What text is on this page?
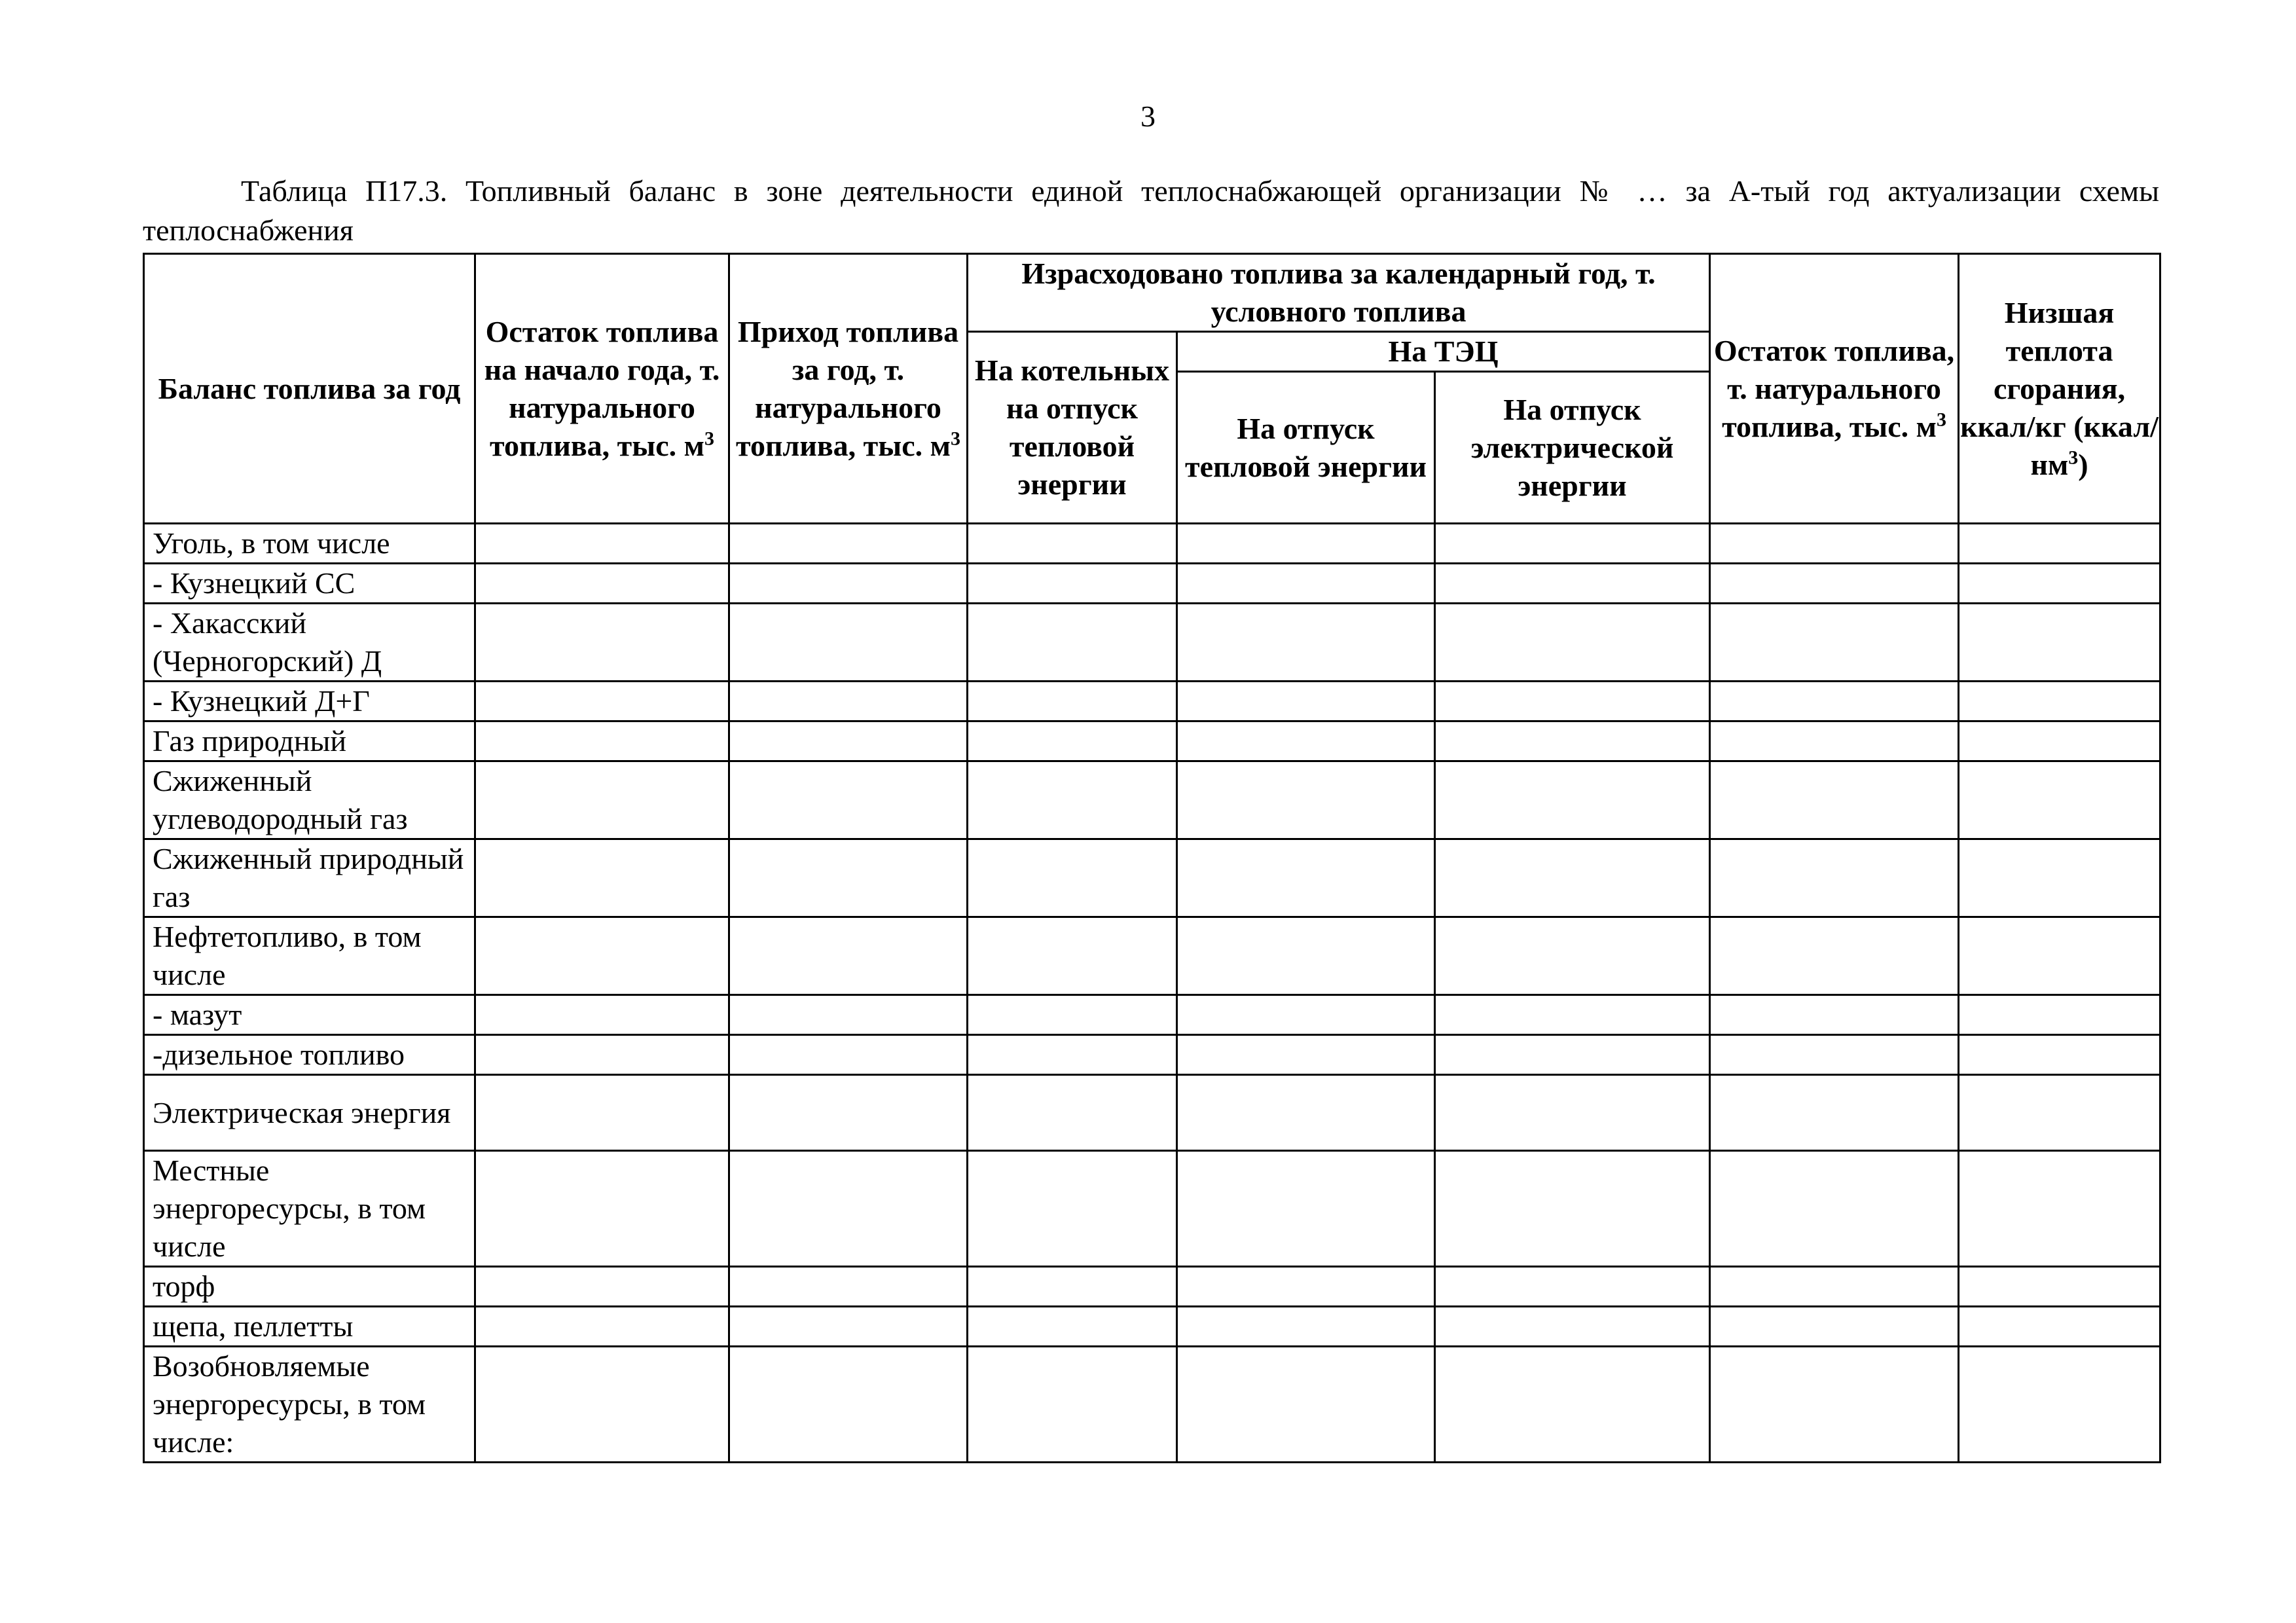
3
Таблица П17.3. Топливный баланс в зоне деятельности единой теплоснабжающей организации № … за А-тый год актуализации схемы теплоснабжения
Баланс топлива за год	Остаток топлива на начало года, т. натурального топлива, тыс. $м^3$	Приход топлива за год, т. натурального топлива, тыс. $м^3$	Израсходовано топлива за календарный год, т. условного топлива			Остаток топлива, т. натурального топлива, тыс. $м^3$	Низшая теплота сгорания, ккал/кг $(ккал/нм^3)$
			На котельных на отпуск тепловой энергии	На ТЭЦ			
				На отпуск тепловой энергии	На отпуск электрической энергии		
Уголь, в том числе							
- Кузнецкий СС							
- Хакасский (Черногорский) Д							
- Кузнецкий Д+Г							
Газ природный							
Сжиженный углеводородный газ							
Сжиженный природный газ							
Нефтетопливо, в том числе							
- мазут							
-дизельное топливо							
Электрическая энергия							
Местные энергоресурсы, в том числе							
торф							
щепа, пеллетты							
Возобновляемые энергоресурсы, в том числе:							
